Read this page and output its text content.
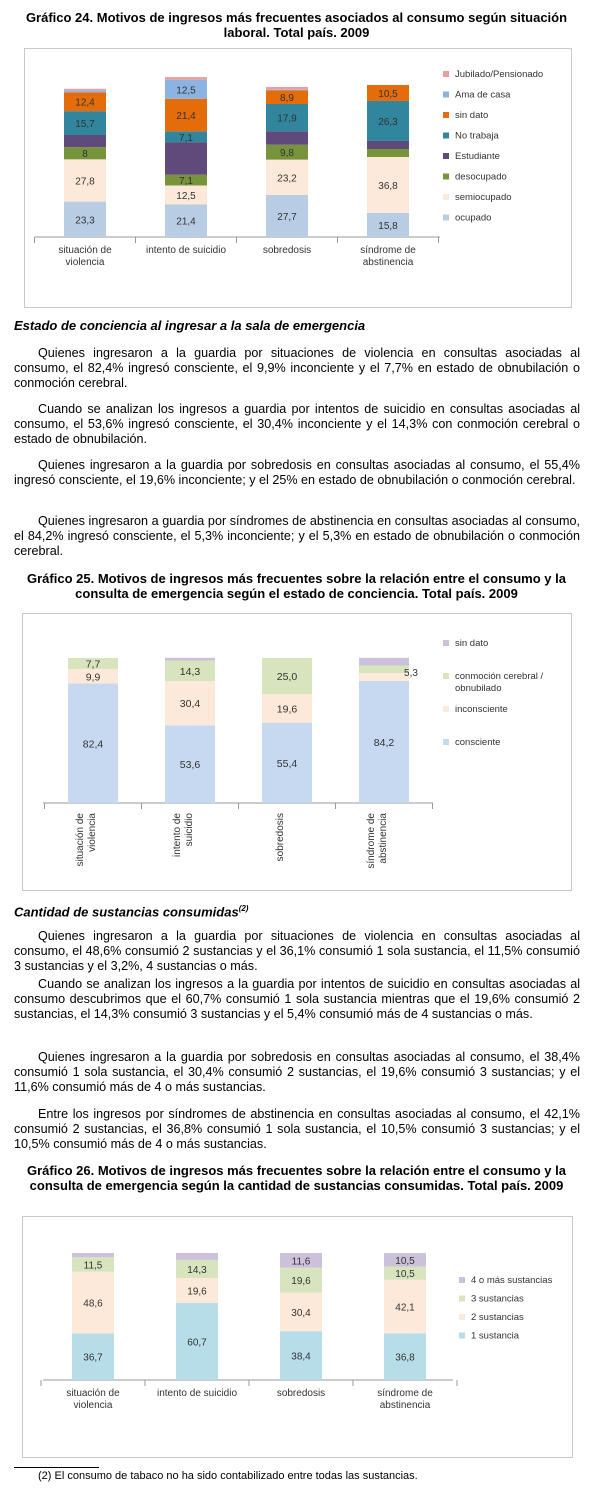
Gráfico 24. Motivos de ingresos más frecuentes asociados al consumo según situación laboral. Total país. 2009
23,3
27,8
8
15,7
12,4
situación de
violencia
21,4
12,5
7,1
7,1
21,4
12,5
intento de suicidio
27,7
23,2
9,8
17,9
8,9
sobredosis
15,8
36,8
26,3
10,5
síndrome de
abstinencia
Jubilado/Pensionado
Ama de casa
sin dato
No trabaja
Estudiante
desocupado
semiocupado
ocupado
Estado de conciencia al ingresar a la sala de emergencia
Quienes ingresaron a la guardia por situaciones de violencia en consultas asociadas al consumo, el 82,4% ingresó consciente, el 9,9% inconciente y el 7,7% en estado de obnubilación o conmoción cerebral.
Cuando se analizan los ingresos a guardia por intentos de suicidio en consultas asociadas al consumo, el 53,6% ingresó consciente, el 30,4% inconciente y el 14,3% con conmoción cerebral o estado de obnubilación.
Quienes ingresaron a la guardia por sobredosis en consultas asociadas al consumo, el 55,4% ingresó consciente, el 19,6% inconciente; y el 25% en estado de obnubilación o conmoción cerebral.
Quienes ingresaron a guardia por síndromes de abstinencia en consultas asociadas al consumo, el 84,2% ingresó consciente, el 5,3% inconciente; y el 5,3% en estado de obnubilación o conmoción cerebral.
Gráfico 25. Motivos de ingresos más frecuentes sobre la relación entre el consumo y la consulta de emergencia según el estado de conciencia. Total país. 2009
82,4
9,9
7,7
situación de violencia
53,6
30,4
14,3
intento de suicidio
55,4
19,6
25,0
sobredosis
84,2
síndrome de abstinencia
sin dato
conmoción cerebral /
obnubilado
inconsciente
consciente
5,3
Cantidad de sustancias consumidas$^{(2)}$
Quienes ingresaron a la guardia por situaciones de violencia en consultas asociadas al consumo, el 48,6% consumió 2 sustancias y el 36,1% consumió 1 sola sustancia, el 11,5% consumió 3 sustancias y el 3,2%, 4 sustancias o más.
Cuando se analizan los ingresos a la guardia por intentos de suicidio en consultas asociadas al consumo descubrimos que el 60,7% consumió 1 sola sustancia mientras que el 19,6% consumió 2 sustancias, el 14,3% consumió 3 sustancias y el 5,4% consumió más de 4 sustancias o más.
Quienes ingresaron a la guardia por sobredosis en consultas asociadas al consumo, el 38,4% consumió 1 sola sustancia, el 30,4% consumió 2 sustancias, el 19,6% consumió 3 sustancias; y el 11,6% consumió más de 4 o más sustancias.
Entre los ingresos por síndromes de abstinencia en consultas asociadas al consumo, el 42,1% consumió 2 sustancias, el 36,8% consumió 1 sola sustancia, el 10,5% consumió 3 sustancias; y el 10,5% consumió más de 4 o más sustancias.
Gráfico 26. Motivos de ingresos más frecuentes sobre la relación entre el consumo y la consulta de emergencia según la cantidad de sustancias consumidas. Total país. 2009
36,7
48,6
11,5
situación de
violencia
60,7
19,6
14,3
intento de suicidio
38,4
30,4
19,6
11,6
sobredosis
36,8
42,1
10,5
10,5
síndrome de
abstinencia
4 o más sustancias
3 sustancias
2 sustancias
1 sustancia
(2) El consumo de tabaco no ha sido contabilizado entre todas las sustancias.
